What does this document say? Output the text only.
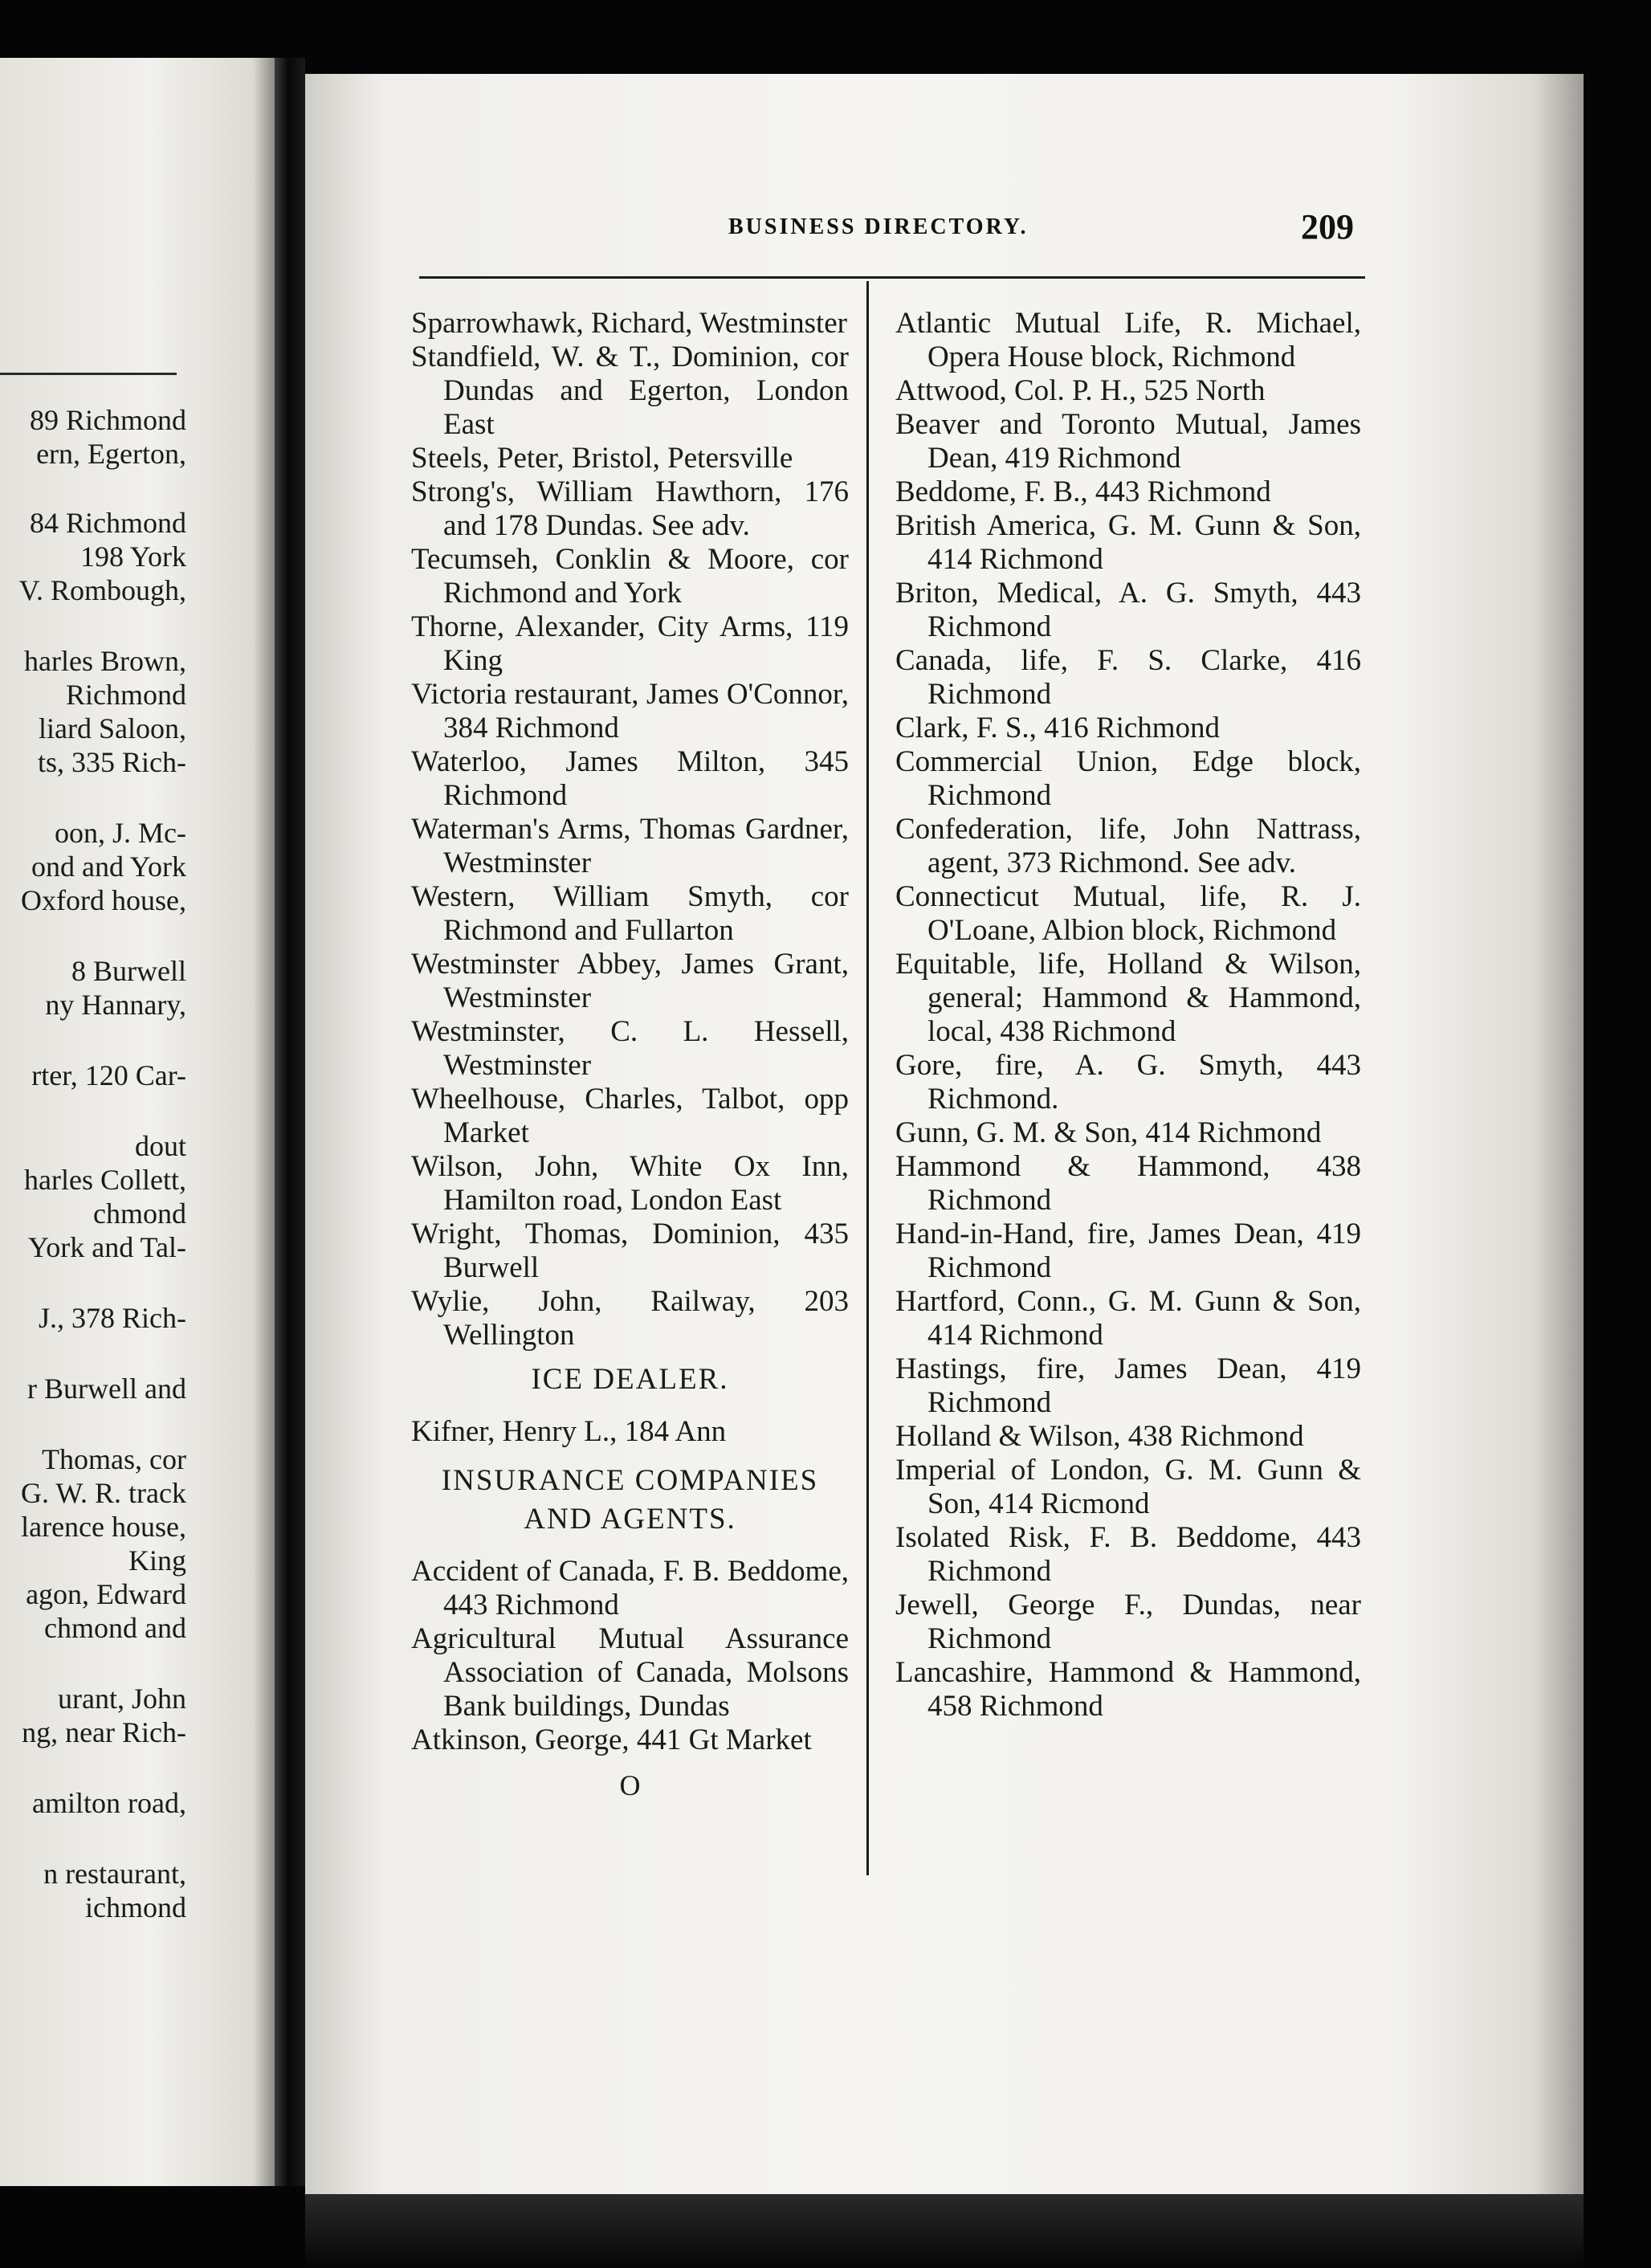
89 Richmond
ern, Egerton,
84 Richmond
198 York
V. Rombough,
harles Brown,
Richmond
liard Saloon,
ts, 335 Rich-
oon, J. Mc-
ond and York
Oxford house,
8 Burwell
ny Hannary,
rter, 120 Car-
dout
harles Collett,
chmond
York and Tal-
J., 378 Rich-
r Burwell and
Thomas, cor
G. W. R. track
larence house,
King
agon, Edward
chmond and
urant, John
ng, near Rich-
amilton road,
n restaurant,
ichmond
BUSINESS DIRECTORY.	209

Sparrowhawk, Richard, Westminster

Standfield, W. & T., Dominion, cor Dundas and Egerton, London East

Steels, Peter, Bristol, Petersville

Strong's, William Hawthorn, 176 and 178 Dundas. See adv.

Tecumseh, Conklin & Moore, cor Richmond and York

Thorne, Alexander, City Arms, 119 King

Victoria restaurant, James O'Connor, 384 Richmond

Waterloo, James Milton, 345 Richmond

Waterman's Arms, Thomas Gardner, Westminster

Western, William Smyth, cor Richmond and Fullarton

Westminster Abbey, James Grant, Westminster

Westminster, C. L. Hessell, Westminster

Wheelhouse, Charles, Talbot, opp Market

Wilson, John, White Ox Inn, Hamilton road, London East

Wright, Thomas, Dominion, 435 Burwell

Wylie, John, Railway, 203 Wellington

ICE DEALER.

Kifner, Henry L., 184 Ann

INSURANCE COMPANIES
AND AGENTS.

Accident of Canada, F. B. Beddome, 443 Richmond

Agricultural Mutual Assurance Association of Canada, Molsons Bank buildings, Dundas

Atkinson, George, 441 Gt Market

O

Atlantic Mutual Life, R. Michael, Opera House block, Richmond

Attwood, Col. P. H., 525 North

Beaver and Toronto Mutual, James Dean, 419 Richmond

Beddome, F. B., 443 Richmond

British America, G. M. Gunn & Son, 414 Richmond

Briton, Medical, A. G. Smyth, 443 Richmond

Canada, life, F. S. Clarke, 416 Richmond

Clark, F. S., 416 Richmond

Commercial Union, Edge block, Richmond

Confederation, life, John Nattrass, agent, 373 Richmond. See adv.

Connecticut Mutual, life, R. J. O'Loane, Albion block, Richmond

Equitable, life, Holland & Wilson, general; Hammond & Hammond, local, 438 Richmond

Gore, fire, A. G. Smyth, 443 Richmond.

Gunn, G. M. & Son, 414 Richmond

Hammond & Hammond, 438 Richmond

Hand-in-Hand, fire, James Dean, 419 Richmond

Hartford, Conn., G. M. Gunn & Son, 414 Richmond

Hastings, fire, James Dean, 419 Richmond

Holland & Wilson, 438 Richmond

Imperial of London, G. M. Gunn & Son, 414 Ricmond

Isolated Risk, F. B. Beddome, 443 Richmond

Jewell, George F., Dundas, near Richmond

Lancashire, Hammond & Hammond, 458 Richmond
